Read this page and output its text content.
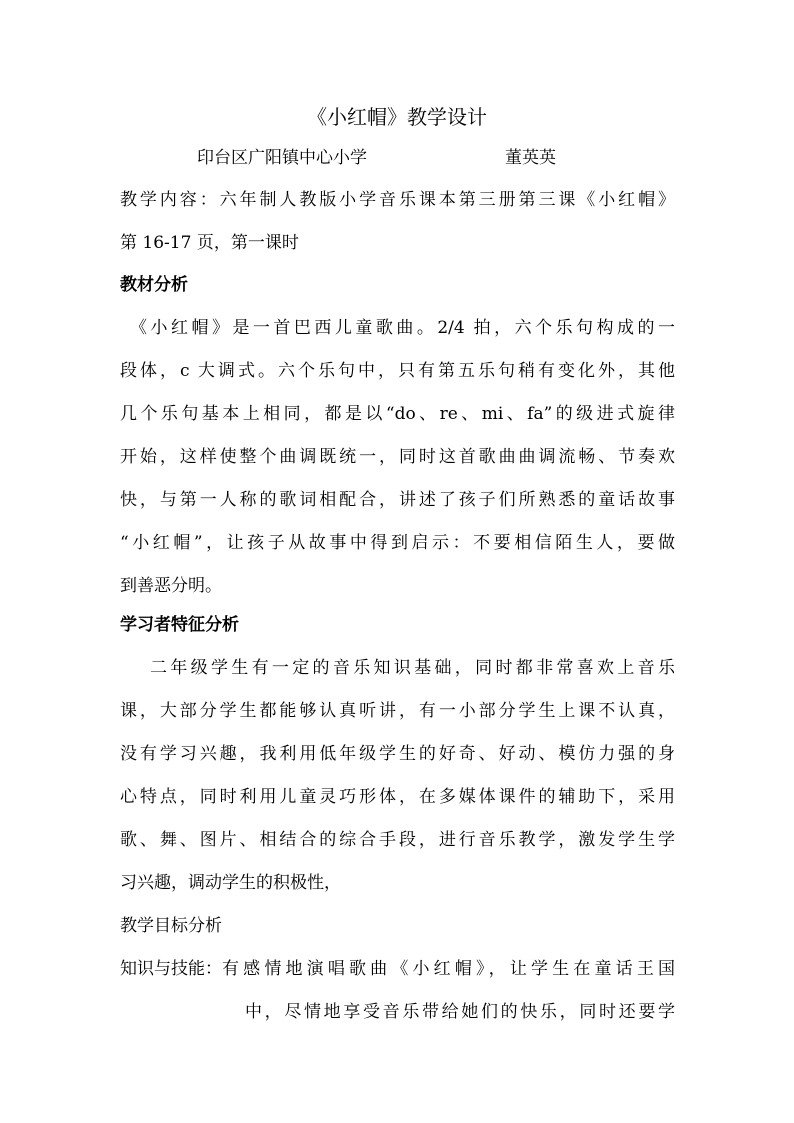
《小红帽》教学设计
印台区广阳镇中心小学	董英英
教学内容：六年制人教版小学音乐课本第三册第三课《小红帽》
第 16-17 页，第一课时
教材分析
《小红帽》是一首巴西儿童歌曲。2/4 拍，六个乐句构成的一
段体，c 大调式。六个乐句中，只有第五乐句稍有变化外，其他
几个乐句基本上相同，都是以“do、re、mi、fa”的级进式旋律
开始，这样使整个曲调既统一，同时这首歌曲曲调流畅、节奏欢
快，与第一人称的歌词相配合，讲述了孩子们所熟悉的童话故事
“小红帽”，让孩子从故事中得到启示：不要相信陌生人，要做
到善恶分明。
学习者特征分析
二年级学生有一定的音乐知识基础，同时都非常喜欢上音乐
课，大部分学生都能够认真听讲，有一小部分学生上课不认真，
没有学习兴趣，我利用低年级学生的好奇、好动、模仿力强的身
心特点，同时利用儿童灵巧形体，在多媒体课件的辅助下，采用
歌、舞、图片、相结合的综合手段，进行音乐教学，激发学生学
习兴趣，调动学生的积极性，
教学目标分析
知识与技能： 有感情地演唱歌曲《小红帽》，让学生在童话王国
中，尽情地享受音乐带给她们的快乐，同时还要学
